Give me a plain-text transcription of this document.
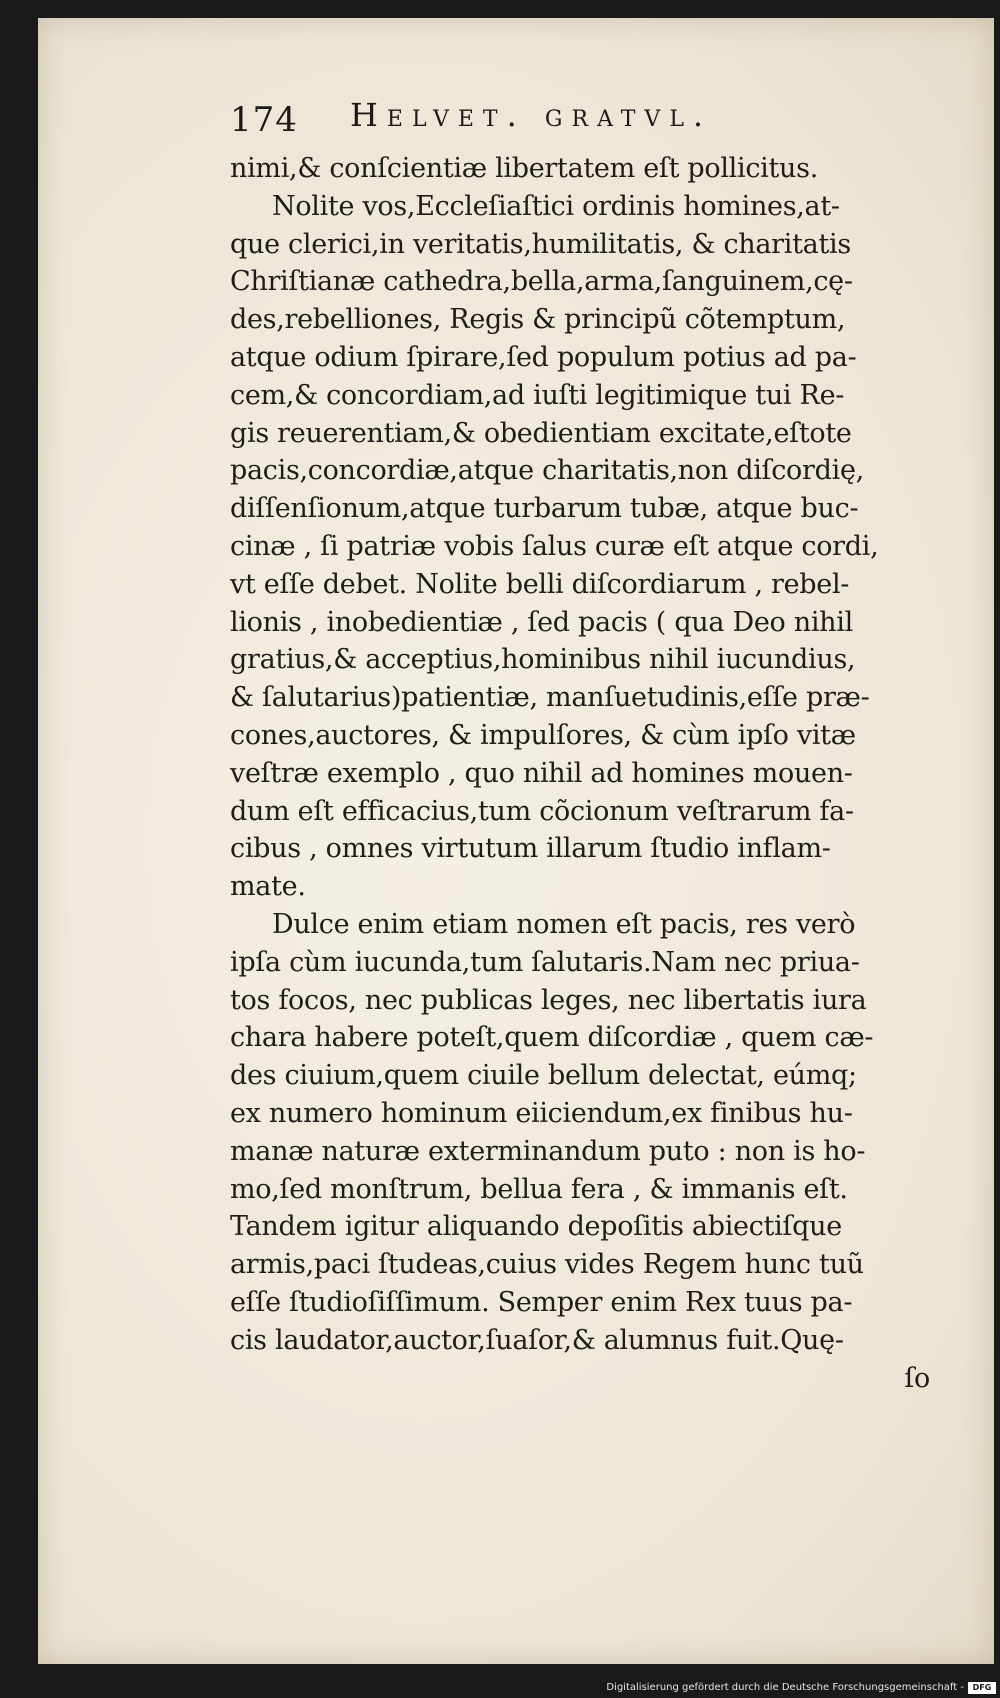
174 Helvet. gratvl.
nimi,& conſcientiæ libertatem eſt pollicitus.
Nolite vos,Eccleſiaſtici ordinis homines,at-
que clerici,in veritatis,humilitatis, & charitatis
Chriſtianæ cathedra,bella,arma,ſanguinem,cę-
des,rebelliones, Regis & principũ cõtemptum,
atque odium ſpirare,ſed populum potius ad pa-
cem,& concordiam,ad iuſti legitimique tui Re-
gis reuerentiam,& obedientiam excitate,eſtote
pacis,concordiæ,atque charitatis,non diſcordię,
diſſenſionum,atque turbarum tubæ, atque buc-
cinæ , ſi patriæ vobis ſalus curæ eſt atque cordi,
vt eſſe debet. Nolite belli diſcordiarum , rebel-
lionis , inobedientiæ , ſed pacis ( qua Deo nihil
gratius,& acceptius,hominibus nihil iucundius,
& ſalutarius)patientiæ, manſuetudinis,eſſe præ-
cones,auctores, & impulſores, & cùm ipſo vitæ
veſtræ exemplo , quo nihil ad homines mouen-
dum eſt efficacius,tum cõcionum veſtrarum fa-
cibus , omnes virtutum illarum ſtudio inflam-
mate.
Dulce enim etiam nomen eſt pacis, res verò
ipſa cùm iucunda,tum ſalutaris.Nam nec priua-
tos focos, nec publicas leges, nec libertatis iura
chara habere poteſt,quem diſcordiæ , quem cæ-
des ciuium,quem ciuile bellum delectat, eúmq;
ex numero hominum eiiciendum,ex finibus hu-
manæ naturæ exterminandum puto : non is ho-
mo,ſed monſtrum, bellua fera , & immanis eſt.
Tandem igitur aliquando depoſitis abiectiſque
armis,paci ſtudeas,cuius vides Regem hunc tuũ
eſſe ſtudioſiſſimum. Semper enim Rex tuus pa-
cis laudator,auctor,ſuaſor,& alumnus fuit.Quę-
ſo
Digitalisierung gefördert durch die Deutsche Forschungsgemeinschaft -	DFG
